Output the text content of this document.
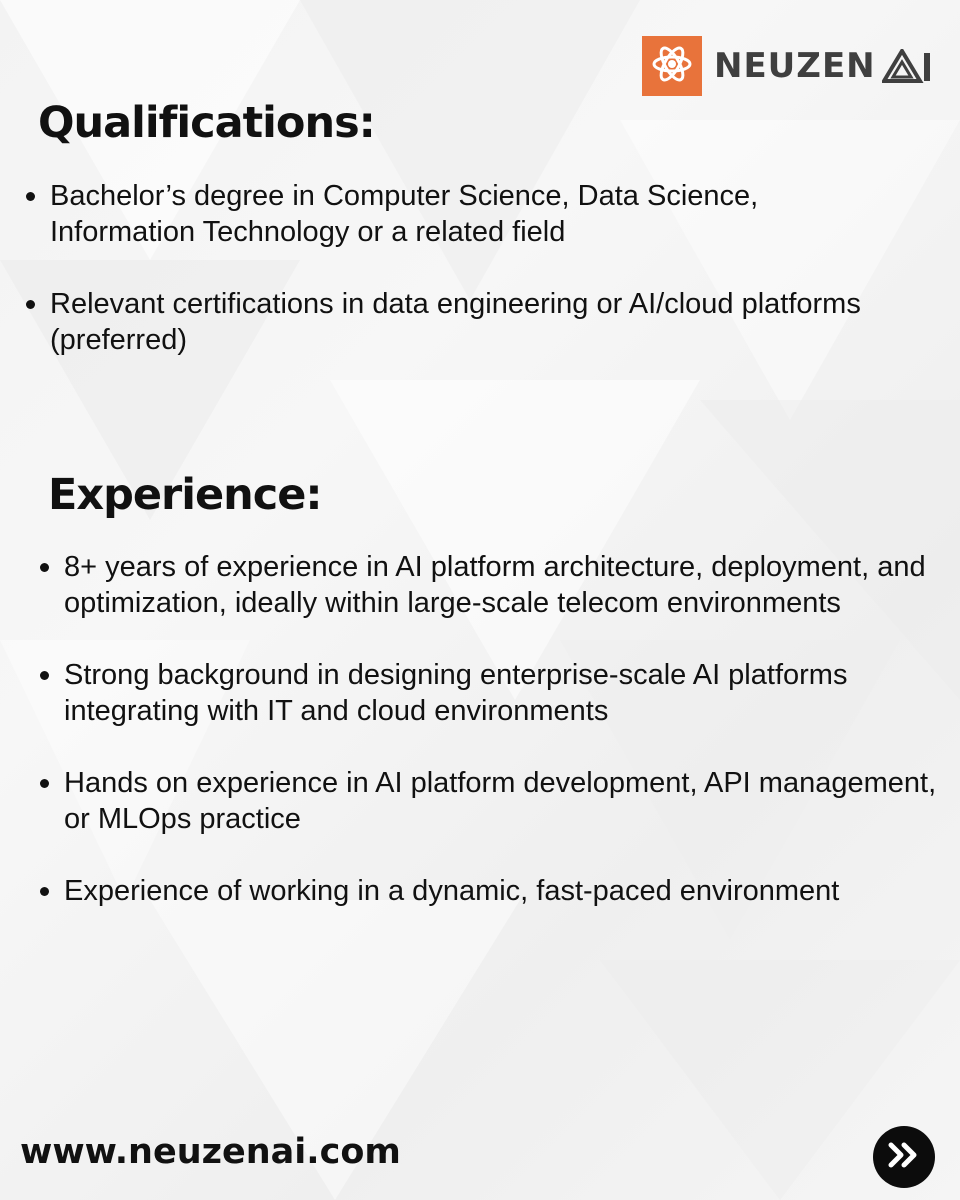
NEUZEN
Qualifications:
Bachelor’s degree in Computer Science, Data Science, Information Technology or a related field
Relevant certifications in data engineering or AI/cloud platforms (preferred)
Experience:
8+ years of experience in AI platform architecture, deployment, and optimization, ideally within large-scale telecom environments
Strong background in designing enterprise-scale AI platforms integrating with IT and cloud environments
Hands on experience in AI platform development, API management, or MLOps practice
Experience of working in a dynamic, fast-paced environment
www.neuzenai.com
